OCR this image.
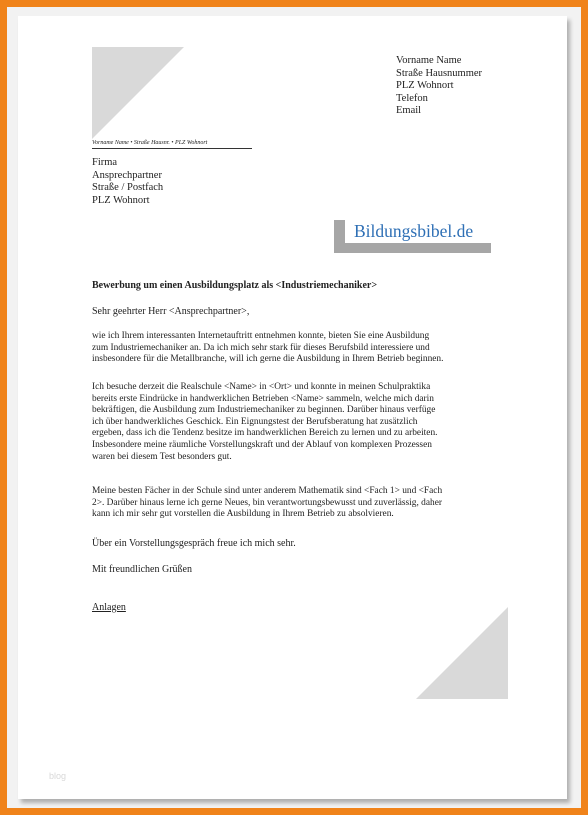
Vorname Name
Straße Hausnummer
PLZ Wohnort
Telefon
Email
Vorname Name • Straße Hausnr. • PLZ Wohnort
Firma
Ansprechpartner
Straße / Postfach
PLZ Wohnort
Bildungsbibel.de
Bewerbung um einen Ausbildungsplatz als <Industriemechaniker>
Sehr geehrter Herr <Ansprechpartner>,
wie ich Ihrem interessanten Internetauftritt entnehmen konnte, bieten Sie eine Ausbildung
zum Industriemechaniker an. Da ich mich sehr stark für dieses Berufsbild interessiere und
insbesondere für die Metallbranche, will ich gerne die Ausbildung in Ihrem Betrieb beginnen.
Ich besuche derzeit die Realschule <Name> in <Ort> und konnte in meinen Schulpraktika
bereits erste Eindrücke in handwerklichen Betrieben <Name> sammeln, welche mich darin
bekräftigen, die Ausbildung zum Industriemechaniker zu beginnen. Darüber hinaus verfüge
ich über handwerkliches Geschick. Ein Eignungstest der Berufsberatung hat zusätzlich
ergeben, dass ich die Tendenz besitze im handwerklichen Bereich zu lernen und zu arbeiten.
Insbesondere meine räumliche Vorstellungskraft und der Ablauf von komplexen Prozessen
waren bei diesem Test besonders gut.
Meine besten Fächer in der Schule sind unter anderem Mathematik sind <Fach 1> und <Fach
2>. Darüber hinaus lerne ich gerne Neues, bin verantwortungsbewusst und zuverlässig, daher
kann ich mir sehr gut vorstellen die Ausbildung in Ihrem Betrieb zu absolvieren.
Über ein Vorstellungsgespräch freue ich mich sehr.
Mit freundlichen Grüßen
Anlagen
blog
